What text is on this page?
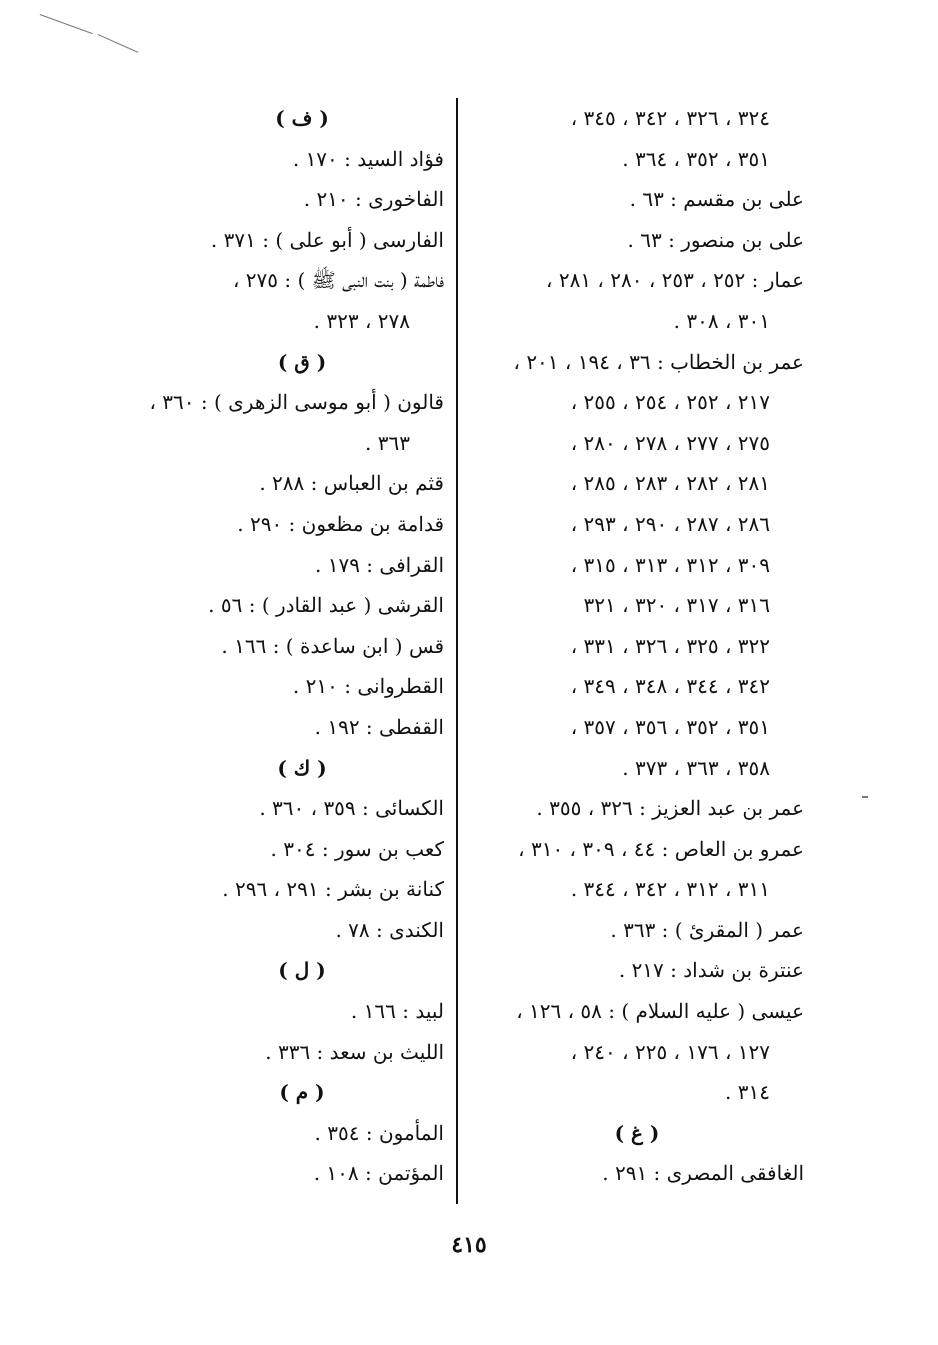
٣٢٤ ، ٣٢٦ ، ٣٤٢ ، ٣٤٥ ،
٣٥١ ، ٣٥٢ ، ٣٦٤ .
على بن مقسم : ٦٣ .
على بن منصور : ٦٣ .
عمار : ٢٥٢ ، ٢٥٣ ، ٢٨٠ ، ٢٨١ ،
٣٠١ ، ٣٠٨ .
عمر بن الخطاب : ٣٦ ، ١٩٤ ، ٢٠١ ،
٢١٧ ، ٢٥٢ ، ٢٥٤ ، ٢٥٥ ،
٢٧٥ ، ٢٧٧ ، ٢٧٨ ، ٢٨٠ ،
٢٨١ ، ٢٨٢ ، ٢٨٣ ، ٢٨٥ ،
٢٨٦ ، ٢٨٧ ، ٢٩٠ ، ٢٩٣ ،
٣٠٩ ، ٣١٢ ، ٣١٣ ، ٣١٥ ،
٣١٦ ، ٣١٧ ، ٣٢٠ ، ٣٢١
٣٢٢ ، ٣٢٥ ، ٣٢٦ ، ٣٣١ ،
٣٤٢ ، ٣٤٤ ، ٣٤٨ ، ٣٤٩ ،
٣٥١ ، ٣٥٢ ، ٣٥٦ ، ٣٥٧ ،
٣٥٨ ، ٣٦٣ ، ٣٧٣ .
عمر بن عبد العزيز : ٣٢٦ ، ٣٥٥ .
عمرو بن العاص : ٤٤ ، ٣٠٩ ، ٣١٠ ،
٣١١ ، ٣١٢ ، ٣٤٢ ، ٣٤٤ .
عمر ( المقرئ ) : ٣٦٣ .
عنترة بن شداد : ٢١٧ .
عيسى ( عليه السلام ) : ٥٨ ، ١٢٦ ،
١٢٧ ، ١٧٦ ، ٢٢٥ ، ٢٤٠ ،
٣١٤ .
( غ )
الغافقى المصرى : ٢٩١ .
( ف )
فؤاد السيد : ١٧٠ .
الفاخورى : ٢١٠ .
الفارسى ( أبو على ) : ٣٧١ .
فاطمة ( بنت النبى ﷺ ) : ٢٧٥ ،
٢٧٨ ، ٣٢٣ .
( ق )
قالون ( أبو موسى الزهرى ) : ٣٦٠ ،
٣٦٣ .
قثم بن العباس : ٢٨٨ .
قدامة بن مظعون : ٢٩٠ .
القرافى : ١٧٩ .
القرشى ( عبد القادر ) : ٥٦ .
قس ( ابن ساعدة ) : ١٦٦ .
القطروانى : ٢١٠ .
القفطى : ١٩٢ .
( ك )
الكسائى : ٣٥٩ ، ٣٦٠ .
كعب بن سور : ٣٠٤ .
كنانة بن بشر : ٢٩١ ، ٢٩٦ .
الكندى : ٧٨ .
( ل )
لبيد : ١٦٦ .
الليث بن سعد : ٣٣٦ .
( م )
المأمون : ٣٥٤ .
المؤتمن : ١٠٨ .
٤١٥
